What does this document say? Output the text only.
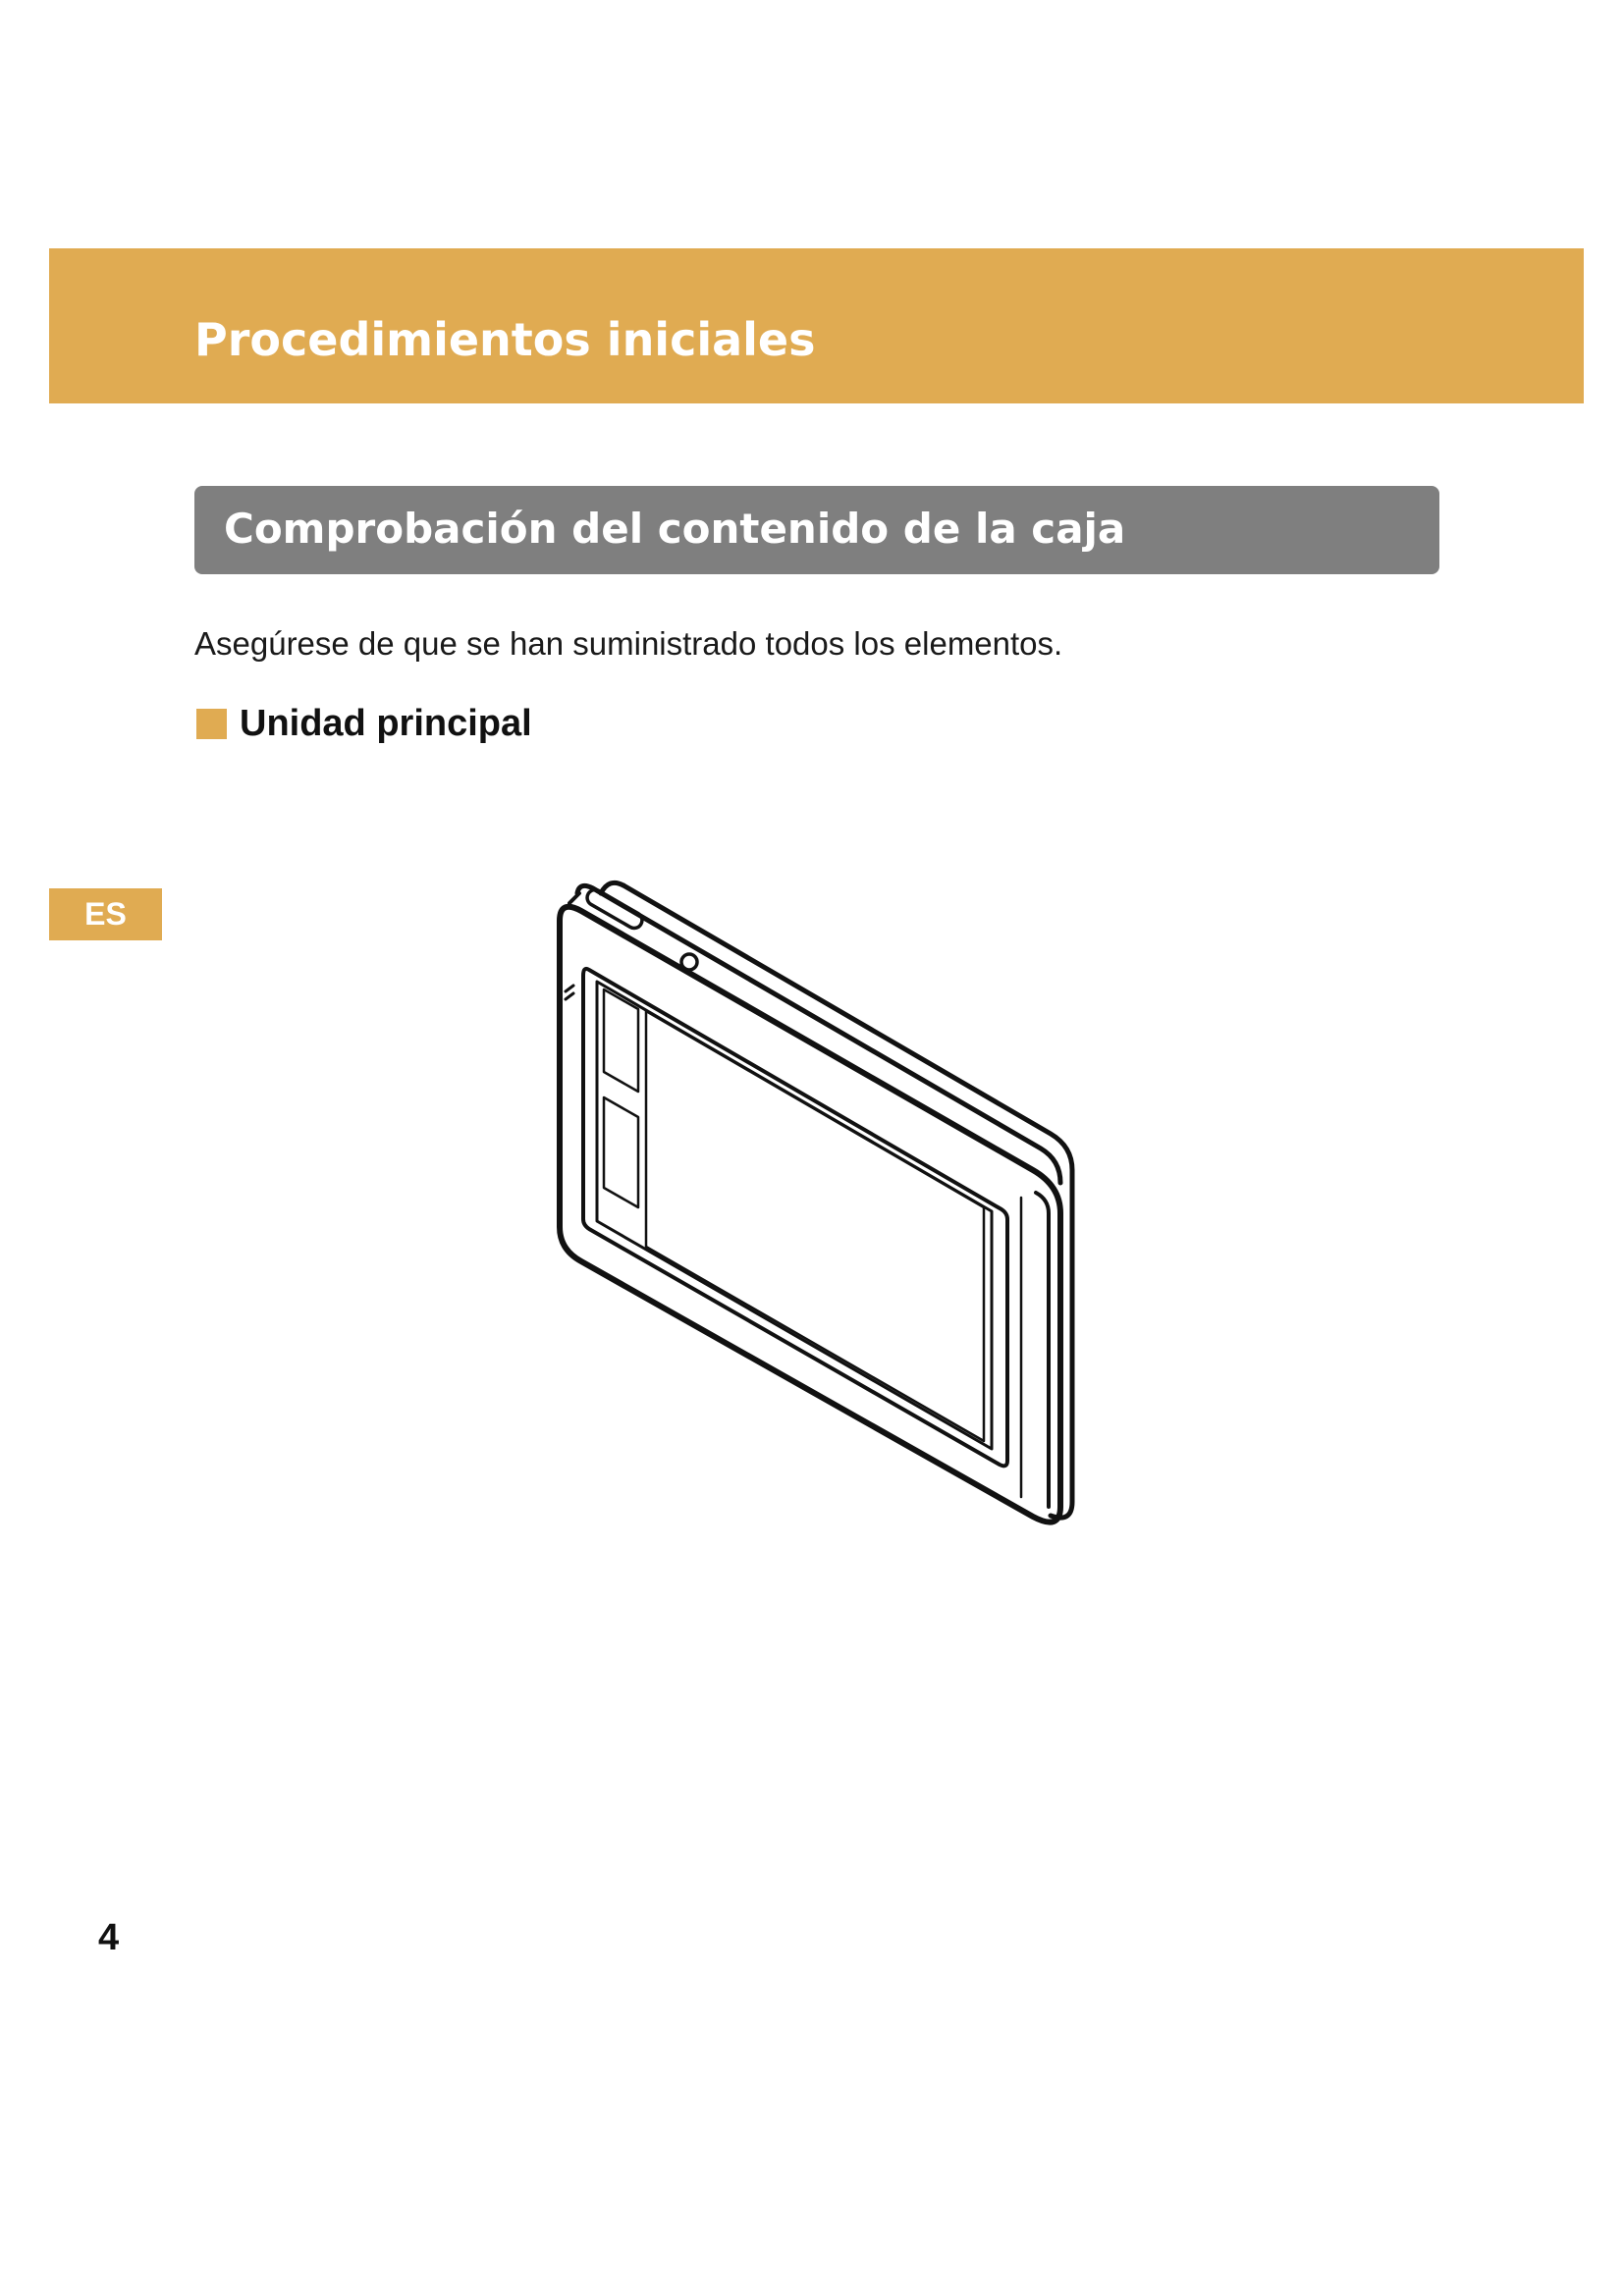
Procedimientos iniciales
Comprobación del contenido de la caja

Asegúrese de que se han suministrado todos los elementos.

Unidad principal
ES
4
